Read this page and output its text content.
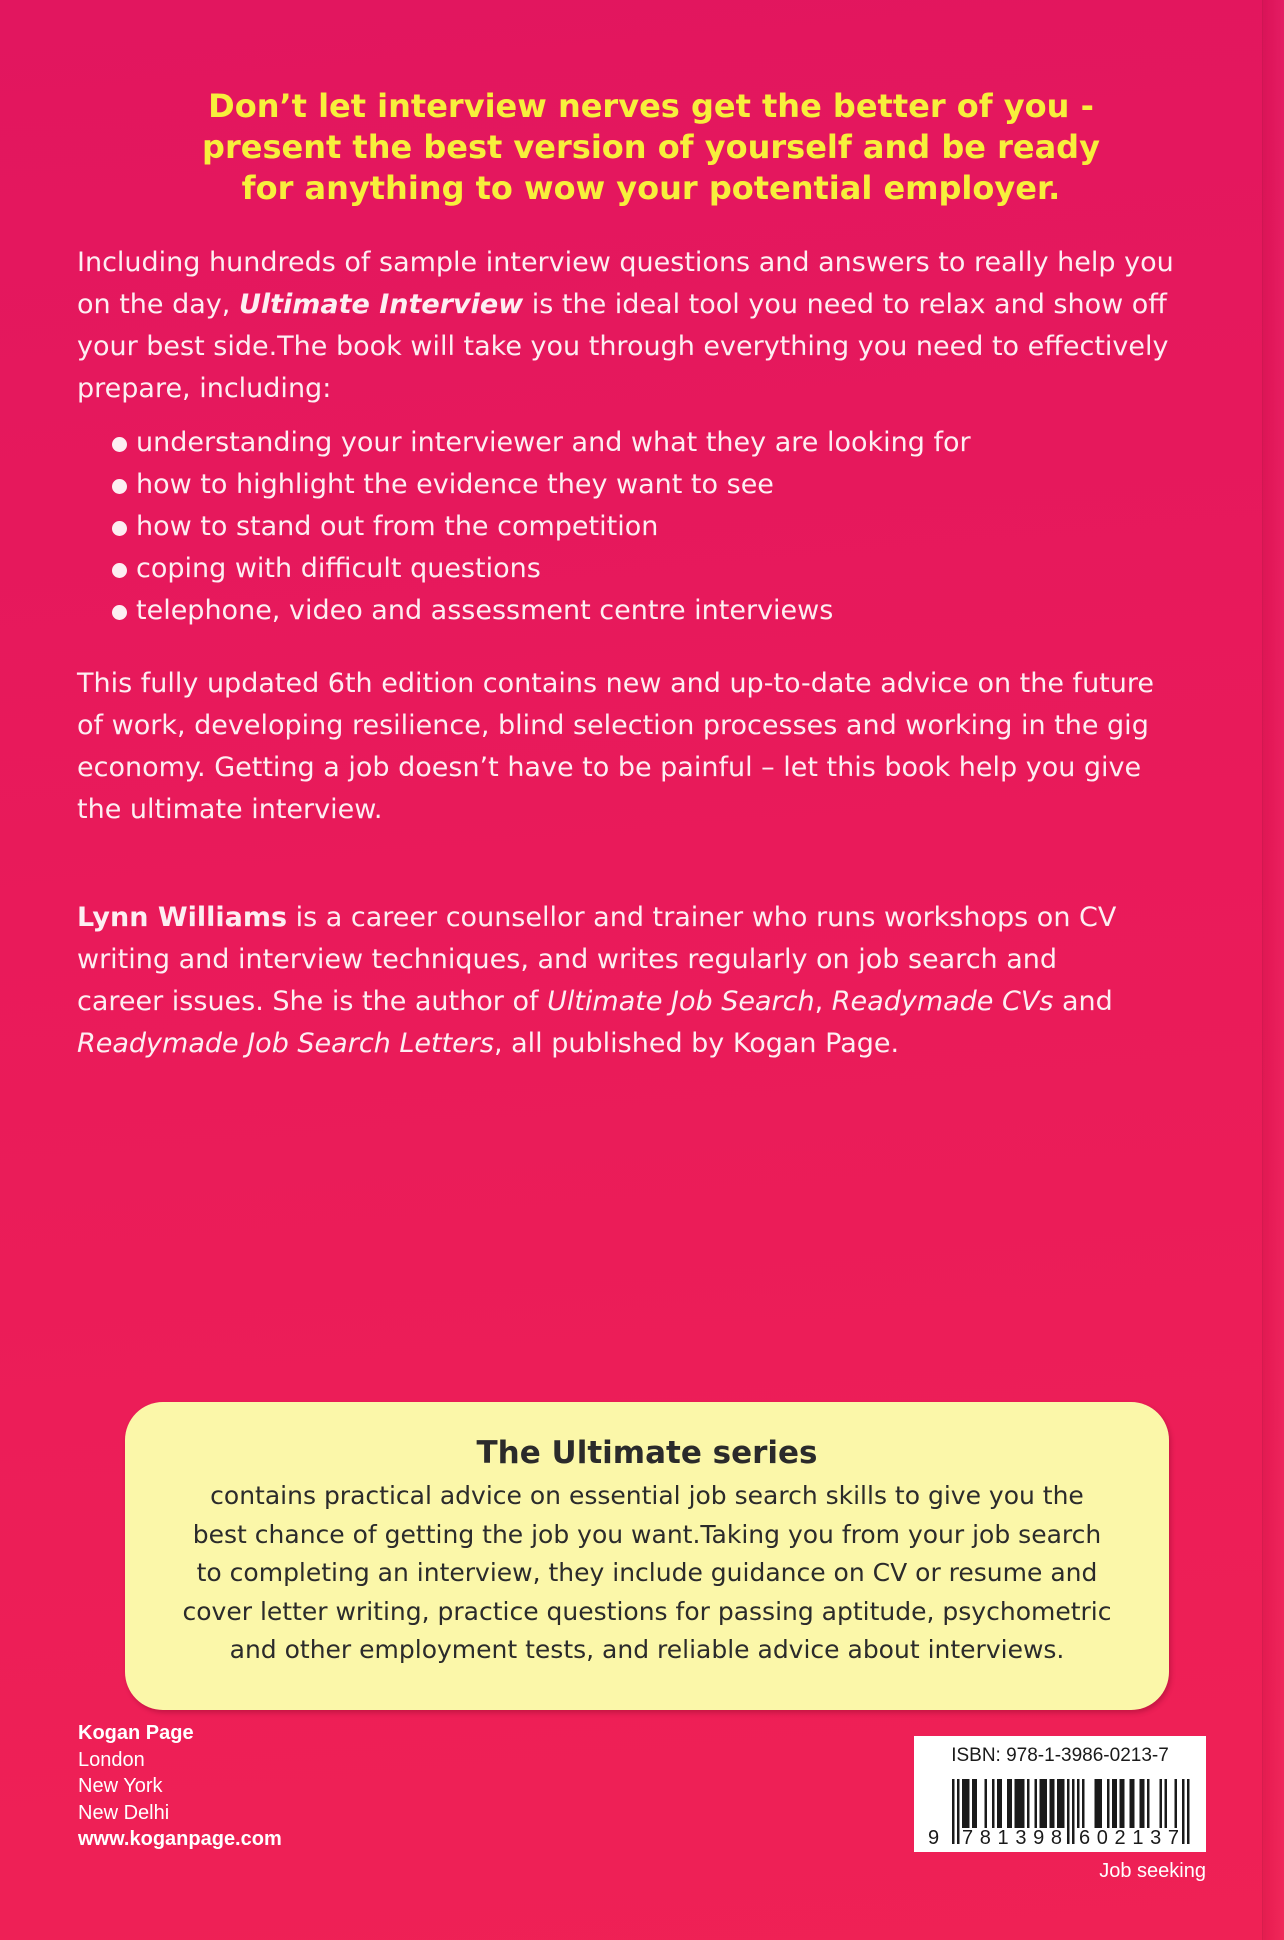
Don’t let interview nerves get the better of you -
present the best version of yourself and be ready
for anything to wow your potential employer.
Including hundreds of sample interview questions and answers to really help you
on the day, Ultimate Interview is the ideal tool you need to relax and show off
your best side.The book will take you through everything you need to effectively
prepare, including:
understanding your interviewer and what they are looking for
how to highlight the evidence they want to see
how to stand out from the competition
coping with difficult questions
telephone, video and assessment centre interviews
This fully updated 6th edition contains new and up-to-date advice on the future
of work, developing resilience, blind selection processes and working in the gig
economy. Getting a job doesn’t have to be painful – let this book help you give
the ultimate interview.
Lynn Williams is a career counsellor and trainer who runs workshops on CV
writing and interview techniques, and writes regularly on job search and
career issues. She is the author of Ultimate Job Search, Readymade CVs and
Readymade Job Search Letters, all published by Kogan Page.
The Ultimate series
contains practical advice on essential job search skills to give you the
best chance of getting the job you want.Taking you from your job search
to completing an interview, they include guidance on CV or resume and
cover letter writing, practice questions for passing aptitude, psychometric
and other employment tests, and reliable advice about interviews.
Kogan Page
London
New York
New Delhi
www.koganpage.com
ISBN: 978-1-3986-0213-7
9 781398 602137
Job seeking
